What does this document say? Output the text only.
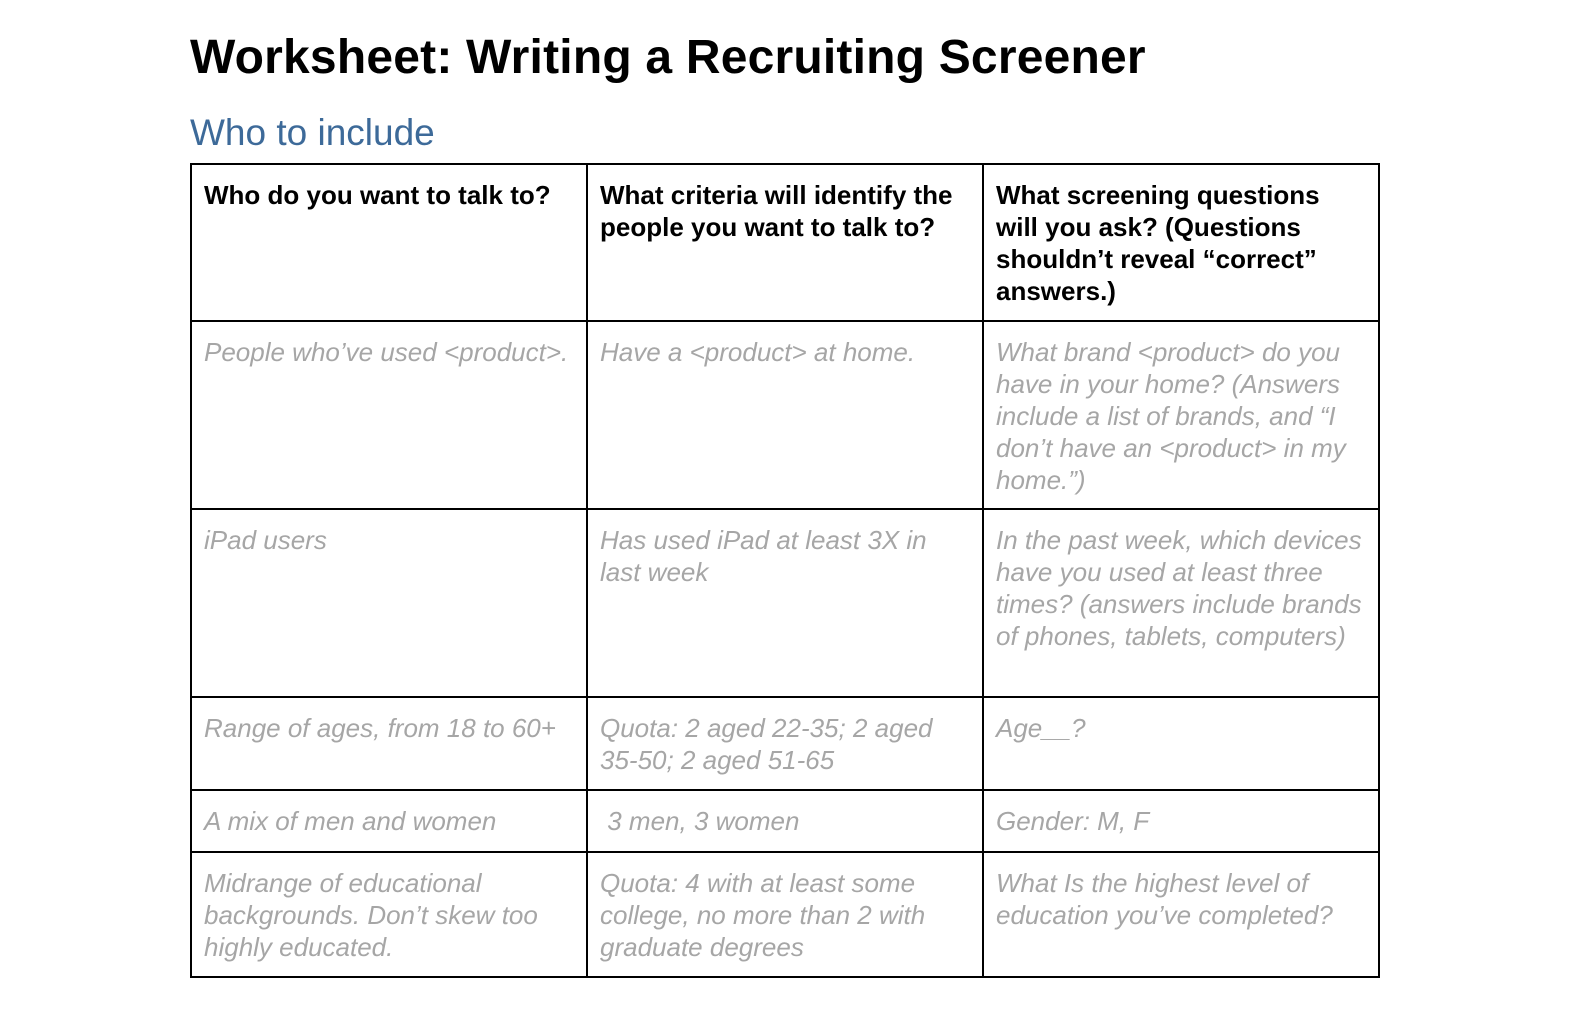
Worksheet: Writing a Recruiting Screener
Who to include
Who do you want to talk to?	What criteria will identify the people you want to talk to?	What screening questions will you ask? (Questions shouldn’t reveal “correct” answers.)
People who’ve used <product>.	Have a <product> at home.	What brand <product> do you have in your home? (Answers include a list of brands, and “I don’t have an <product> in my home.”)
iPad users	Has used iPad at least 3X in last week	In the past week, which devices have you used at least three times? (answers include brands of phones, tablets, computers)
Range of ages, from 18 to 60+	Quota: 2 aged 22-35; 2 aged 35-50; 2 aged 51-65	Age__?
A mix of men and women	3 men, 3 women	Gender: M, F
Midrange of educational backgrounds. Don’t skew too highly educated.	Quota: 4 with at least some college, no more than 2 with graduate degrees	What Is the highest level of education you’ve completed?
